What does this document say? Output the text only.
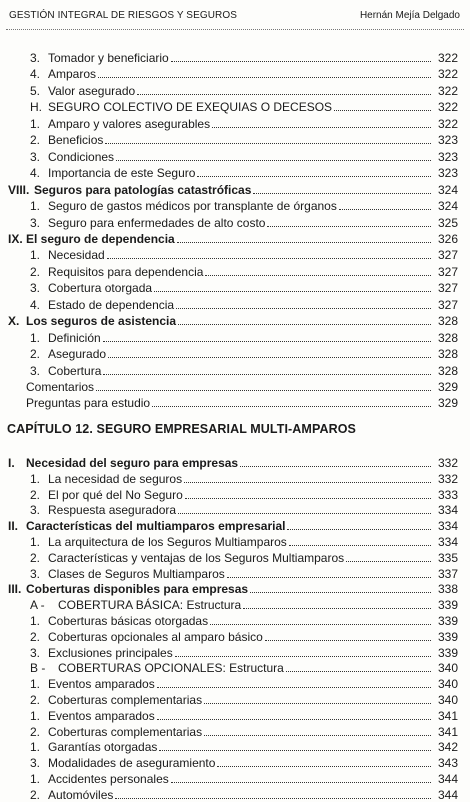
GESTIÓN INTEGRAL DE RIESGOS Y SEGUROS	Hernán Mejía Delgado
CAPÍTULO 12. SEGURO EMPRESARIAL MULTI-AMPAROS
3. Tomador y beneficiario	322
4. Amparos	322
5. Valor asegurado	322
H. SEGURO COLECTIVO DE EXEQUIAS O DECESOS	322
1. Amparo y valores asegurables	322
2. Beneficios	323
3. Condiciones	323
4. Importancia de este Seguro	323
VIII. Seguros para patologías catastróficas	324
1. Seguro de gastos médicos por transplante de órganos	324
3. Seguro para enfermedades de alto costo	325
IX. El seguro de dependencia	326
1. Necesidad	327
2. Requisitos para dependencia	327
3. Cobertura otorgada	327
4. Estado de dependencia	327
X. Los seguros de asistencia	328
1. Definición	328
2. Asegurado	328
3. Cobertura	328
Comentarios	329
Preguntas para estudio	329
I. Necesidad del seguro para empresas	332
1. La necesidad de seguros	332
2. El por qué del No Seguro	333
3. Respuesta aseguradora	334
II. Características del multiamparos empresarial	334
1. La arquitectura de los Seguros Multiamparos	334
2. Características y ventajas de los Seguros Multiamparos	335
3. Clases de Seguros Multiamparos	337
III. Coberturas disponibles para empresas	338
A -	COBERTURA BÁSICA: Estructura	339
1. Coberturas básicas otorgadas	339
2. Coberturas opcionales al amparo básico	339
3. Exclusiones principales	339
B -	COBERTURAS OPCIONALES: Estructura	340
1. Eventos amparados	340
2. Coberturas complementarias	340
1. Eventos amparados	341
2. Coberturas complementarias	341
1. Garantías otorgadas	342
3. Modalidades de aseguramiento	343
1. Accidentes personales	344
2. Automóviles	344
